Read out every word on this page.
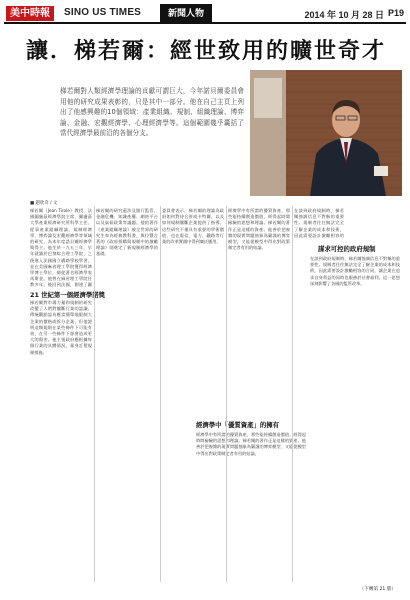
美中時報	SINO US TIMES	新聞人物	2014 年 10 月 28 日 P19
讓．梯若爾：經世致用的曠世奇才
梯若爾對人類經濟學理論的貢獻可謂巨大，今年諾貝爾委員會用他的研究成果表彰的，只是其中一部分。他在自己主頁上列出了他感興趣的10個領域：產業組織、規制、組織理論、博弈論、金融、宏觀經濟學、心理經濟學等。這個範圍幾乎囊括了當代經濟學最前沿的各個分支。
■ 趙欣奇 / 文
21 世紀第一個經濟學諾獎
經濟學中「優質資產」的擁有
謀求可控的政府規制
梯若爾（Jean Tirole）教授，法國圖盧茲經濟學院主席、圖盧茲大學產業經濟研究所科學主任，從事產業組織理論、規制經濟學、博弈論及宏觀經濟學等領域的研究，為本年度諾貝爾經濟學獎得主。他生於一九五三年，早年就讀於巴黎綜合理工學院，之後進入法國國立橋路學校學習，並在美國麻省理工學院獲得經濟學博士學位，師從著名經濟學家馬斯金。他曾在麻省理工學院任教多年，後回到法國，創建了圖
梯若爾對市場力量和規制的研究改變了人們對壟斷行業的認識。傳統觀點認為應當簡單地限制大企業的價格或拆分企業，但他證明這類規則在某些條件下可能有效，在另一些條件下卻會造成更大的傷害。他主張政府應根據每個行業的具體情況，量身訂製規制措施。
梯若爾的研究還涉及銀行監管、金融危機、知識產權、網絡平台以及氣候政策等議題。他的著作《產業組織理論》被全世界的研究生奉為經典教科書，與拉豐合著的《政府採購與規制中的激勵理論》則奠定了新規制經濟學的基礎。
委員會表示，梯若爾的理論為政府如何對待合併或卡特爾，以及如何規制壟斷企業提供了指導。這些研究不僅具有重要的學術價值，也在電信、電力、鐵路等行業的改革實踐中得到廣泛應用。
經濟學中有所謂的優質資產，那些能持續創造價值、經得起時間檢驗的思想和理論。梯若爾的著作正是這樣的資產。他善於把複雜的現實問題抽象為嚴謹的博弈模型，又能從模型中得出對政策制定者有用的結論。
經濟學中有所謂的優質資產，那些能持續創造價值、經得起時間檢驗的思想和理論。梯若爾的著作正是這樣的資產。他善於把複雜的現實問題抽象為嚴謹的博弈模型，又能從模型中得出對政策制定者有用的結論。
在談到政府規制時，梯若爾強調信息不對稱的重要性。規制者往往無法完全了解企業的成本和技術，因此需要設計激勵相容的
在談到政府規制時，梯若爾強調信息不對稱的重要性。規制者往往無法完全了解企業的成本和技術，因此需要設計激勵相容的合同，讓企業在追求自身利益的同時也服務於社會福利。這一思想深刻影響了各國的監管改革。
（下轉第 21 版）
